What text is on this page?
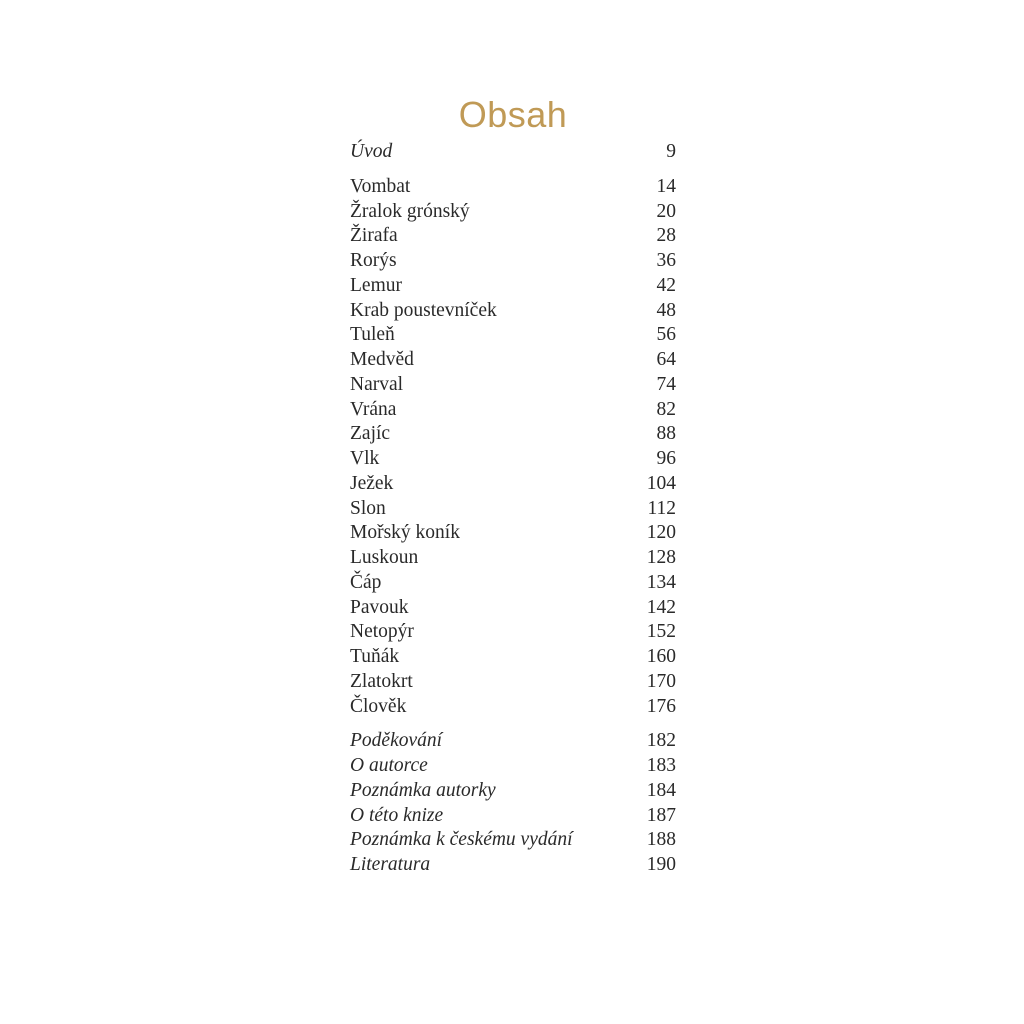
Obsah
Úvod	9
Vombat	14
Žralok grónský	20
Žirafa	28
Rorýs	36
Lemur	42
Krab poustevníček	48
Tuleň	56
Medvěd	64
Narval	74
Vrána	82
Zajíc	88
Vlk	96
Ježek	104
Slon	112
Mořský koník	120
Luskoun	128
Čáp	134
Pavouk	142
Netopýr	152
Tuňák	160
Zlatokrt	170
Člověk	176
Poděkování	182
O autorce	183
Poznámka autorky	184
O této knize	187
Poznámka k českému vydání	188
Literatura	190
